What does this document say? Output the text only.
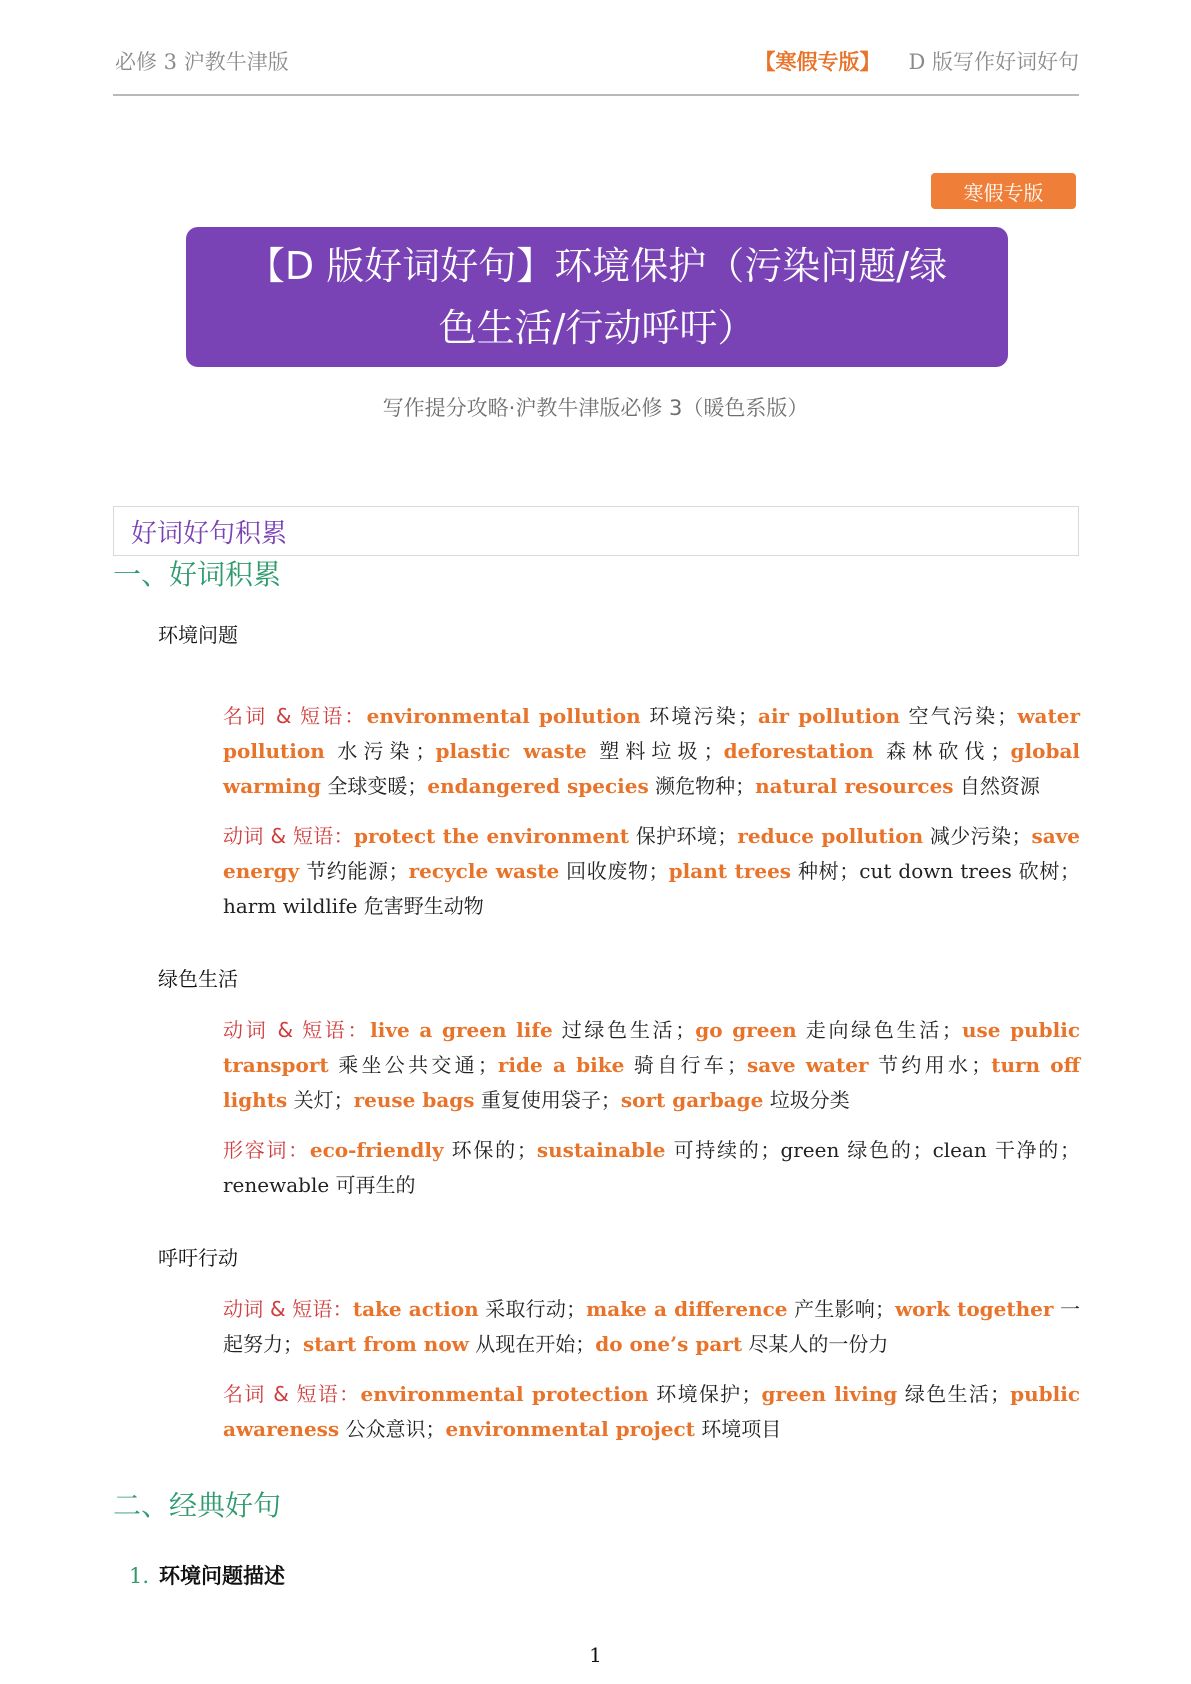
必修 3 沪教牛津版	【寒假专版】 D 版写作好词好句
寒假专版
【D 版好词好句】环境保护（污染问题/绿
色生活/行动呼吁）
写作提分攻略·沪教牛津版必修 3（暖色系版）
好词好句积累
一、好词积累
环境问题
名词 & 短语：environmental pollution 环境污染；air pollution 空气污染；water pollution 水污染；plastic waste 塑料垃圾；deforestation 森林砍伐；global warming 全球变暖；endangered species 濒危物种；natural resources 自然资源
动词 & 短语：protect the environment 保护环境；reduce pollution 减少污染；save energy 节约能源；recycle waste 回收废物；plant trees 种树；cut down trees 砍树；harm wildlife 危害野生动物
绿色生活
动词 & 短语：live a green life 过绿色生活；go green 走向绿色生活；use public transport 乘坐公共交通；ride a bike 骑自行车；save water 节约用水；turn off lights 关灯；reuse bags 重复使用袋子；sort garbage 垃圾分类
形容词：eco-friendly 环保的；sustainable 可持续的；green 绿色的；clean 干净的；renewable 可再生的
呼吁行动
动词 & 短语：take action 采取行动；make a difference 产生影响；work together 一起努力；start from now 从现在开始；do one’s part 尽某人的一份力
名词 & 短语：environmental protection 环境保护；green living 绿色生活；public awareness 公众意识；environmental project 环境项目
二、经典好句
1. 环境问题描述
1
